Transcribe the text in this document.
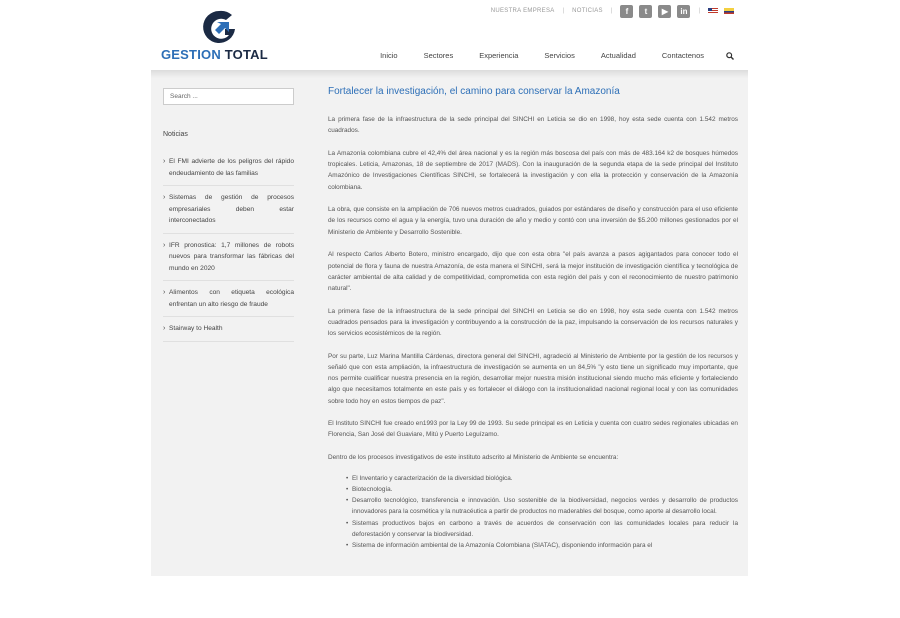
GESTION TOTAL
NUESTRA EMPRESA | NOTICIAS |	f	t	▶	in	|
Inicio	Sectores	Experiencia	Servicios	Actualidad	Contactenos
Search ...
Noticias
› El FMI advierte de los peligros del rápido endeudamiento de las familias
› Sistemas de gestión de procesos empresariales deben estar interconectados
› IFR pronostica: 1,7 millones de robots nuevos para transformar las fábricas del mundo en 2020
› Alimentos con etiqueta ecológica enfrentan un alto riesgo de fraude
› Stairway to Health
Fortalecer la investigación, el camino para conservar la Amazonía

La primera fase de la infraestructura de la sede principal del SINCHI en Leticia se dio en 1998, hoy esta sede cuenta con 1.542 metros cuadrados.

La Amazonía colombiana cubre el 42,4% del área nacional y es la región más boscosa del país con más de 483.164 k2 de bosques húmedos tropicales. Leticia, Amazonas, 18 de septiembre de 2017 (MADS). Con la inauguración de la segunda etapa de la sede principal del Instituto Amazónico de Investigaciones Científicas SINCHI, se fortalecerá la investigación y con ella la protección y conservación de la Amazonía colombiana.

La obra, que consiste en la ampliación de 706 nuevos metros cuadrados, guiados por estándares de diseño y construcción para el uso eficiente de los recursos como el agua y la energía, tuvo una duración de año y medio y contó con una inversión de $5.200 millones gestionados por el Ministerio de Ambiente y Desarrollo Sostenible.

Al respecto Carlos Alberto Botero, ministro encargado, dijo que con esta obra "el país avanza a pasos agigantados para conocer todo el potencial de flora y fauna de nuestra Amazonía, de esta manera el SINCHI, será la mejor institución de investigación científica y tecnológica de carácter ambiental de alta calidad y de competitividad, comprometida con esta región del país y con el reconocimiento de nuestro patrimonio natural".

La primera fase de la infraestructura de la sede principal del SINCHI en Leticia se dio en 1998, hoy esta sede cuenta con 1.542 metros cuadrados pensados para la investigación y contribuyendo a la construcción de la paz, impulsando la conservación de los recursos naturales y los servicios ecosistémicos de la región.

Por su parte, Luz Marina Mantilla Cárdenas, directora general del SINCHI, agradeció al Ministerio de Ambiente por la gestión de los recursos y señaló que con esta ampliación, la infraestructura de investigación se aumenta en un 84,5% "y esto tiene un significado muy importante, que nos permite cualificar nuestra presencia en la región, desarrollar mejor nuestra misión institucional siendo mucho más eficiente y fortaleciendo algo que necesitamos totalmente en este país y es fortalecer el diálogo con la institucionalidad nacional regional local y con las comunidades sobre todo hoy en estos tiempos de paz".

El Instituto SINCHI fue creado en1993 por la Ley 99 de 1993. Su sede principal es en Leticia y cuenta con cuatro sedes regionales ubicadas en Florencia, San José del Guaviare, Mitú y Puerto Leguízamo.

Dentro de los procesos investigativos de este instituto adscrito al Ministerio de Ambiente se encuentra:

• El Inventario y caracterización de la diversidad biológica.
• Biotecnología.
• Desarrollo tecnológico, transferencia e innovación. Uso sostenible de la biodiversidad, negocios verdes y desarrollo de productos innovadores para la cosmética y la nutracéutica a partir de productos no maderables del bosque, como aporte al desarrollo local.
• Sistemas productivos bajos en carbono a través de acuerdos de conservación con las comunidades locales para reducir la deforestación y conservar la biodiversidad.
• Sistema de información ambiental de la Amazonía Colombiana (SIATAC), disponiendo información para el
